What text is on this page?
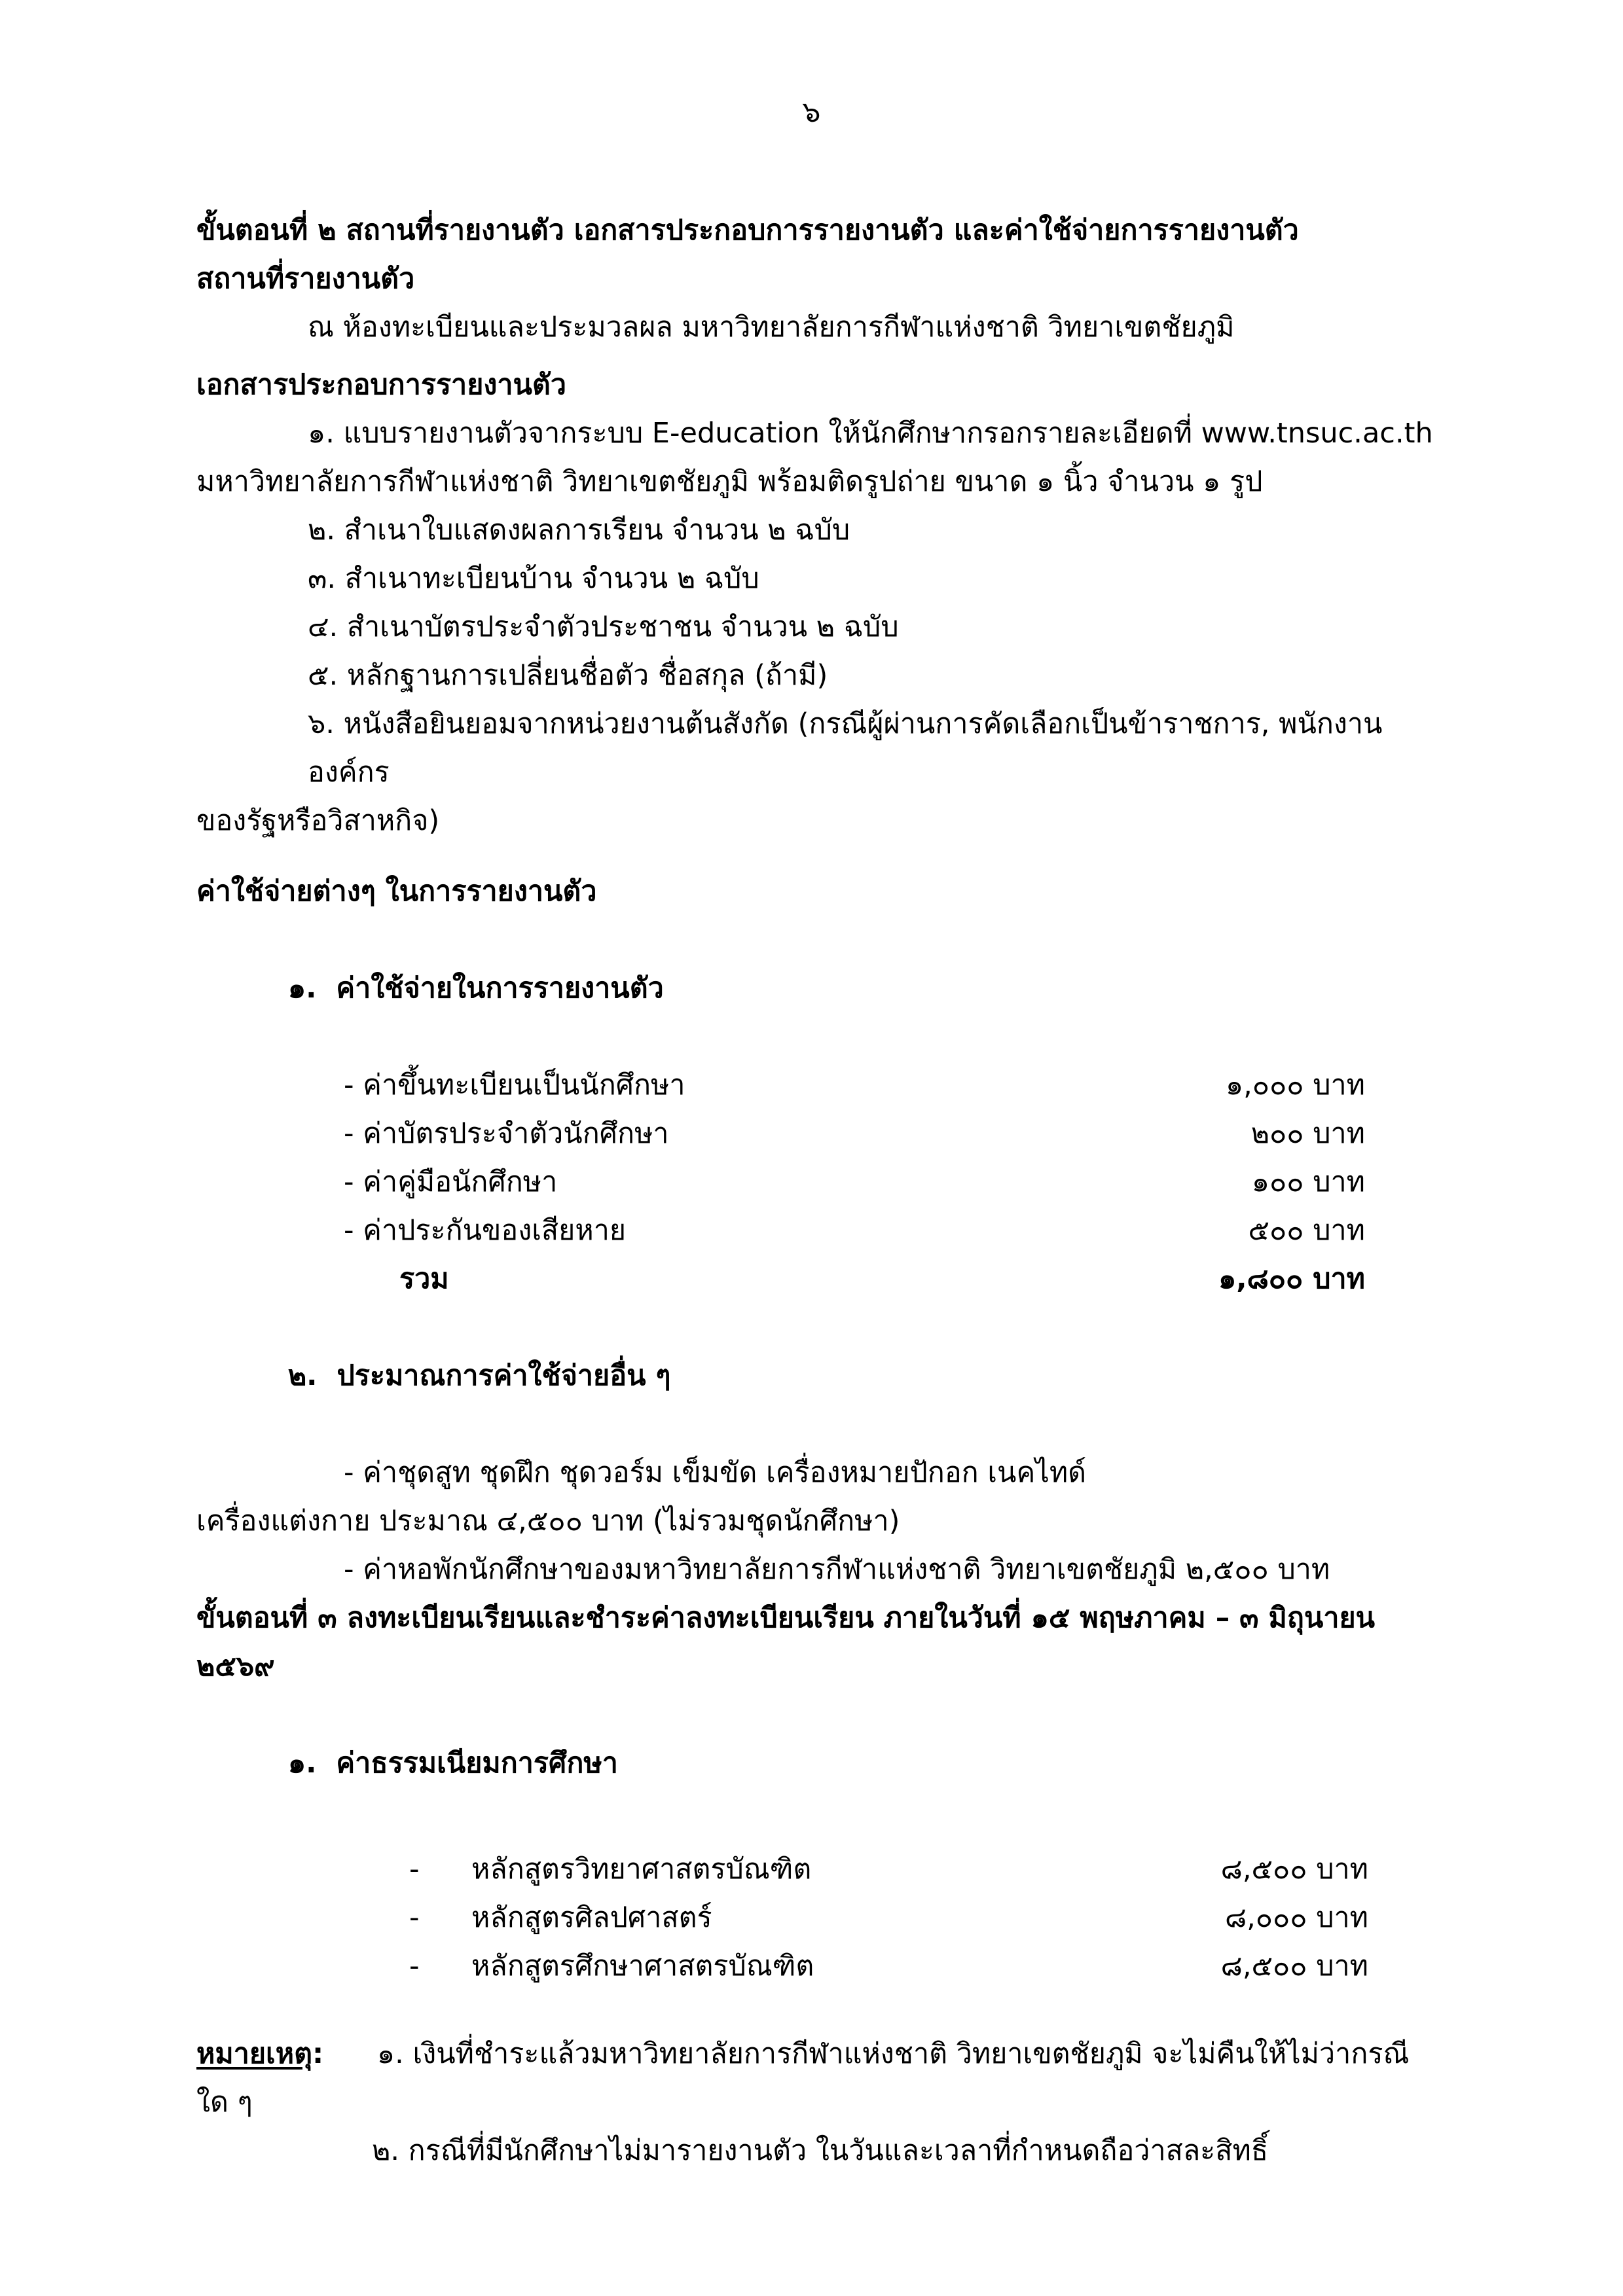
๖
ขั้นตอนที่ ๒ สถานที่รายงานตัว เอกสารประกอบการรายงานตัว และค่าใช้จ่ายการรายงานตัว
สถานที่รายงานตัว
ณ ห้องทะเบียนและประมวลผล มหาวิทยาลัยการกีฬาแห่งชาติ วิทยาเขตชัยภูมิ
เอกสารประกอบการรายงานตัว
๑. แบบรายงานตัวจากระบบ E-education ให้นักศึกษากรอกรายละเอียดที่ www.tnsuc.ac.th
มหาวิทยาลัยการกีฬาแห่งชาติ วิทยาเขตชัยภูมิ พร้อมติดรูปถ่าย ขนาด ๑ นิ้ว จำนวน ๑ รูป
๒. สำเนาใบแสดงผลการเรียน จำนวน ๒ ฉบับ
๓. สำเนาทะเบียนบ้าน จำนวน ๒ ฉบับ
๔. สำเนาบัตรประจำตัวประชาชน จำนวน ๒ ฉบับ
๕. หลักฐานการเปลี่ยนชื่อตัว ชื่อสกุล (ถ้ามี)
๖. หนังสือยินยอมจากหน่วยงานต้นสังกัด (กรณีผู้ผ่านการคัดเลือกเป็นข้าราชการ, พนักงานองค์กร
ของรัฐหรือวิสาหกิจ)
ค่าใช้จ่ายต่างๆ ในการรายงานตัว

๑. ค่าใช้จ่ายในการรายงานตัว

- ค่าขึ้นทะเบียนเป็นนักศึกษา	๑,๐๐๐ บาท
- ค่าบัตรประจำตัวนักศึกษา	๒๐๐ บาท
- ค่าคู่มือนักศึกษา	๑๐๐ บาท
- ค่าประกันของเสียหาย	๕๐๐ บาท
รวม	๑,๘๐๐ บาท

๒. ประมาณการค่าใช้จ่ายอื่น ๆ

- ค่าชุดสูท ชุดฝึก ชุดวอร์ม เข็มขัด เครื่องหมายปักอก เนคไทด์
เครื่องแต่งกาย ประมาณ ๔,๕๐๐ บาท (ไม่รวมชุดนักศึกษา)
- ค่าหอพักนักศึกษาของมหาวิทยาลัยการกีฬาแห่งชาติ วิทยาเขตชัยภูมิ ๒,๕๐๐ บาท
ขั้นตอนที่ ๓ ลงทะเบียนเรียนและชำระค่าลงทะเบียนเรียน ภายในวันที่ ๑๕ พฤษภาคม – ๓ มิถุนายน ๒๕๖๙

๑. ค่าธรรมเนียมการศึกษา

- หลักสูตรวิทยาศาสตรบัณฑิต	๘,๕๐๐ บาท
- หลักสูตรศิลปศาสตร์	๘,๐๐๐ บาท
- หลักสูตรศึกษาศาสตรบัณฑิต	๘,๕๐๐ บาท
หมายเหตุ: ๑. เงินที่ชำระแล้วมหาวิทยาลัยการกีฬาแห่งชาติ วิทยาเขตชัยภูมิ จะไม่คืนให้ไม่ว่ากรณีใด ๆ
๒. กรณีที่มีนักศึกษาไม่มารายงานตัว ในวันและเวลาที่กำหนดถือว่าสละสิทธิ์
